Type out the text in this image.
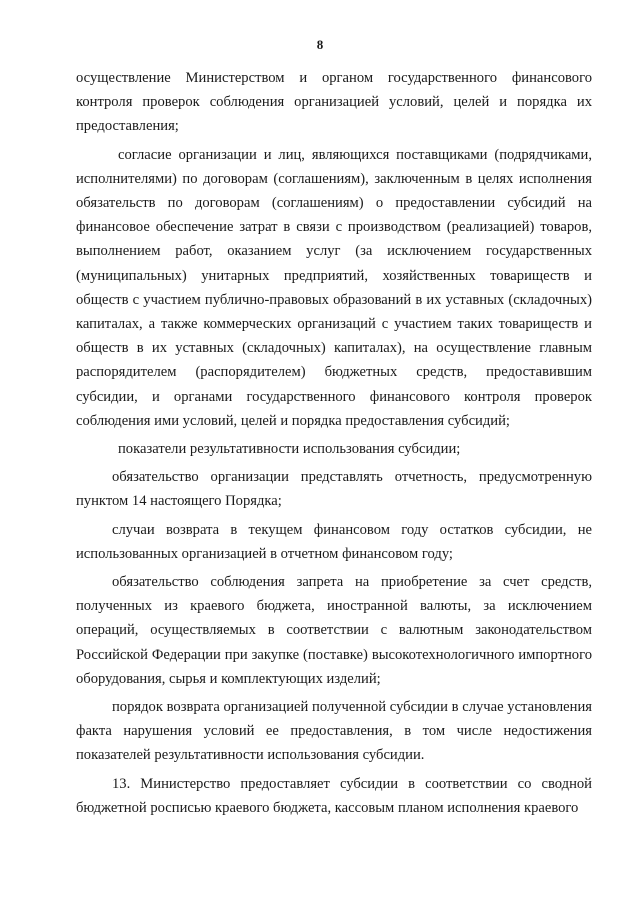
8

осуществление Министерством и органом государственного финансового контроля проверок соблюдения организацией условий, целей и порядка их предоставления;

согласие организации и лиц, являющихся поставщиками (подрядчиками, исполнителями) по договорам (соглашениям), заключенным в целях исполнения обязательств по договорам (соглашениям) о предоставлении субсидий на финансовое обеспечение затрат в связи с производством (реализацией) товаров, выполнением работ, оказанием услуг (за исключением государственных (муниципальных) унитарных предприятий, хозяйственных товариществ и обществ с участием публично-правовых образований в их уставных (складочных) капиталах, а также коммерческих организаций с участием таких товариществ и обществ в их уставных (складочных) капиталах), на осуществление главным распорядителем (распорядителем) бюджетных средств, предоставившим субсидии, и органами государственного финансового контроля проверок соблюдения ими условий, целей и порядка предоставления субсидий;

показатели результативности использования субсидии;

обязательство организации представлять отчетность, предусмотренную пунктом 14 настоящего Порядка;

случаи возврата в текущем финансовом году остатков субсидии, не использованных организацией в отчетном финансовом году;

обязательство соблюдения запрета на приобретение за счет средств, полученных из краевого бюджета, иностранной валюты, за исключением операций, осуществляемых в соответствии с валютным законодательством Российской Федерации при закупке (поставке) высокотехнологичного импортного оборудования, сырья и комплектующих изделий;

порядок возврата организацией полученной субсидии в случае установления факта нарушения условий ее предоставления, в том числе недостижения показателей результативности использования субсидии.

13. Министерство предоставляет субсидии в соответствии со сводной бюджетной росписью краевого бюджета, кассовым планом исполнения краевого
